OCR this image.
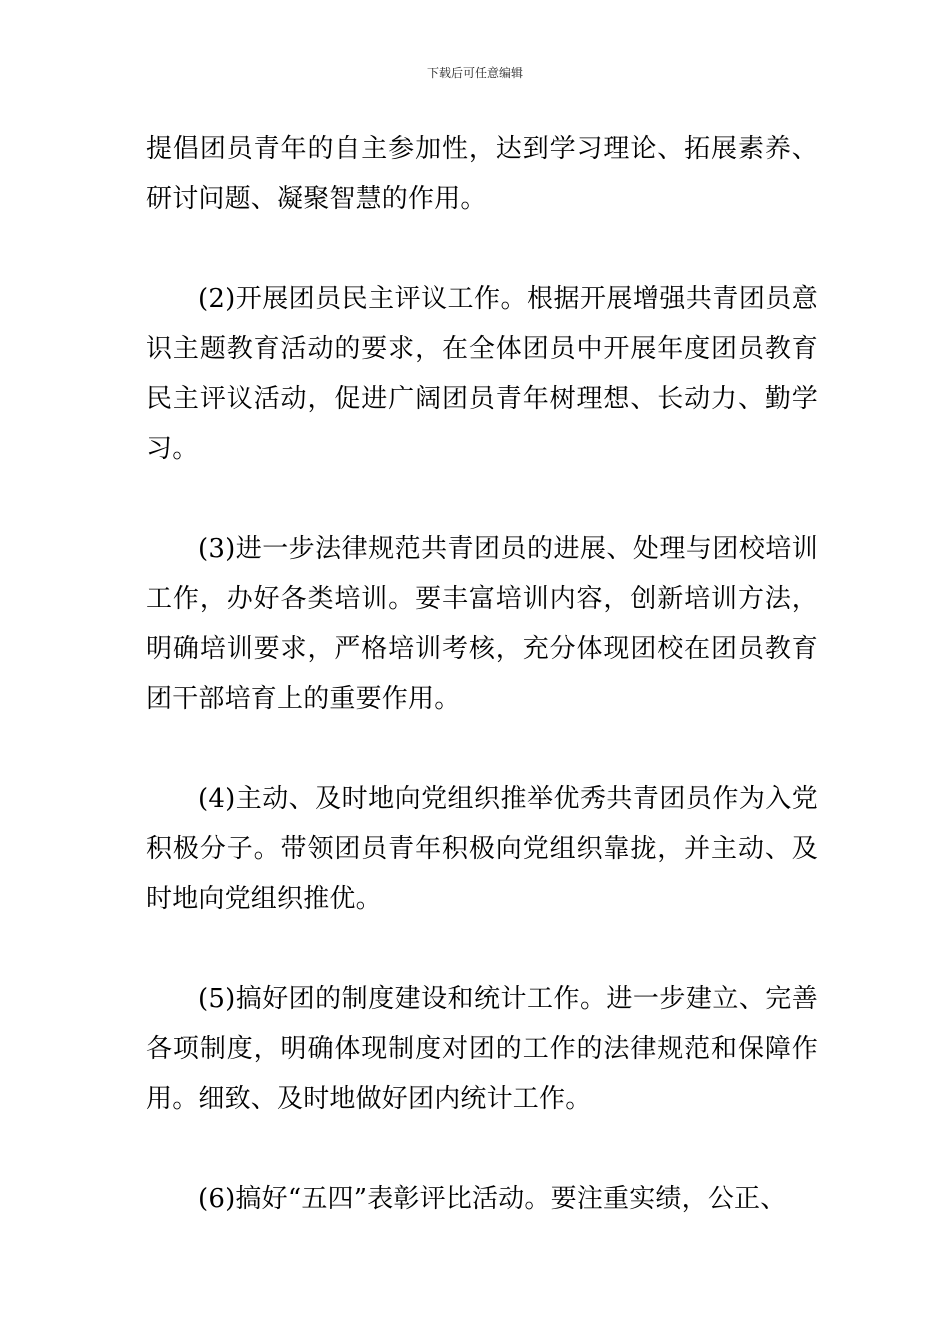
下载后可任意编辑

提倡团员青年的自主参加性，达到学习理论、拓展素养、研讨问题、凝聚智慧的作用。

(2)开展团员民主评议工作。根据开展增强共青团员意识主题教育活动的要求，在全体团员中开展年度团员教育民主评议活动，促进广阔团员青年树理想、长动力、勤学习。

(3)进一步法律规范共青团员的进展、处理与团校培训工作，办好各类培训。要丰富培训内容，创新培训方法，明确培训要求，严格培训考核，充分体现团校在团员教育团干部培育上的重要作用。

(4)主动、及时地向党组织推举优秀共青团员作为入党积极分子。带领团员青年积极向党组织靠拢，并主动、及时地向党组织推优。

(5)搞好团的制度建设和统计工作。进一步建立、完善各项制度，明确体现制度对团的工作的法律规范和保障作用。细致、及时地做好团内统计工作。

(6)搞好“五四”表彰评比活动。要注重实绩，公正、
